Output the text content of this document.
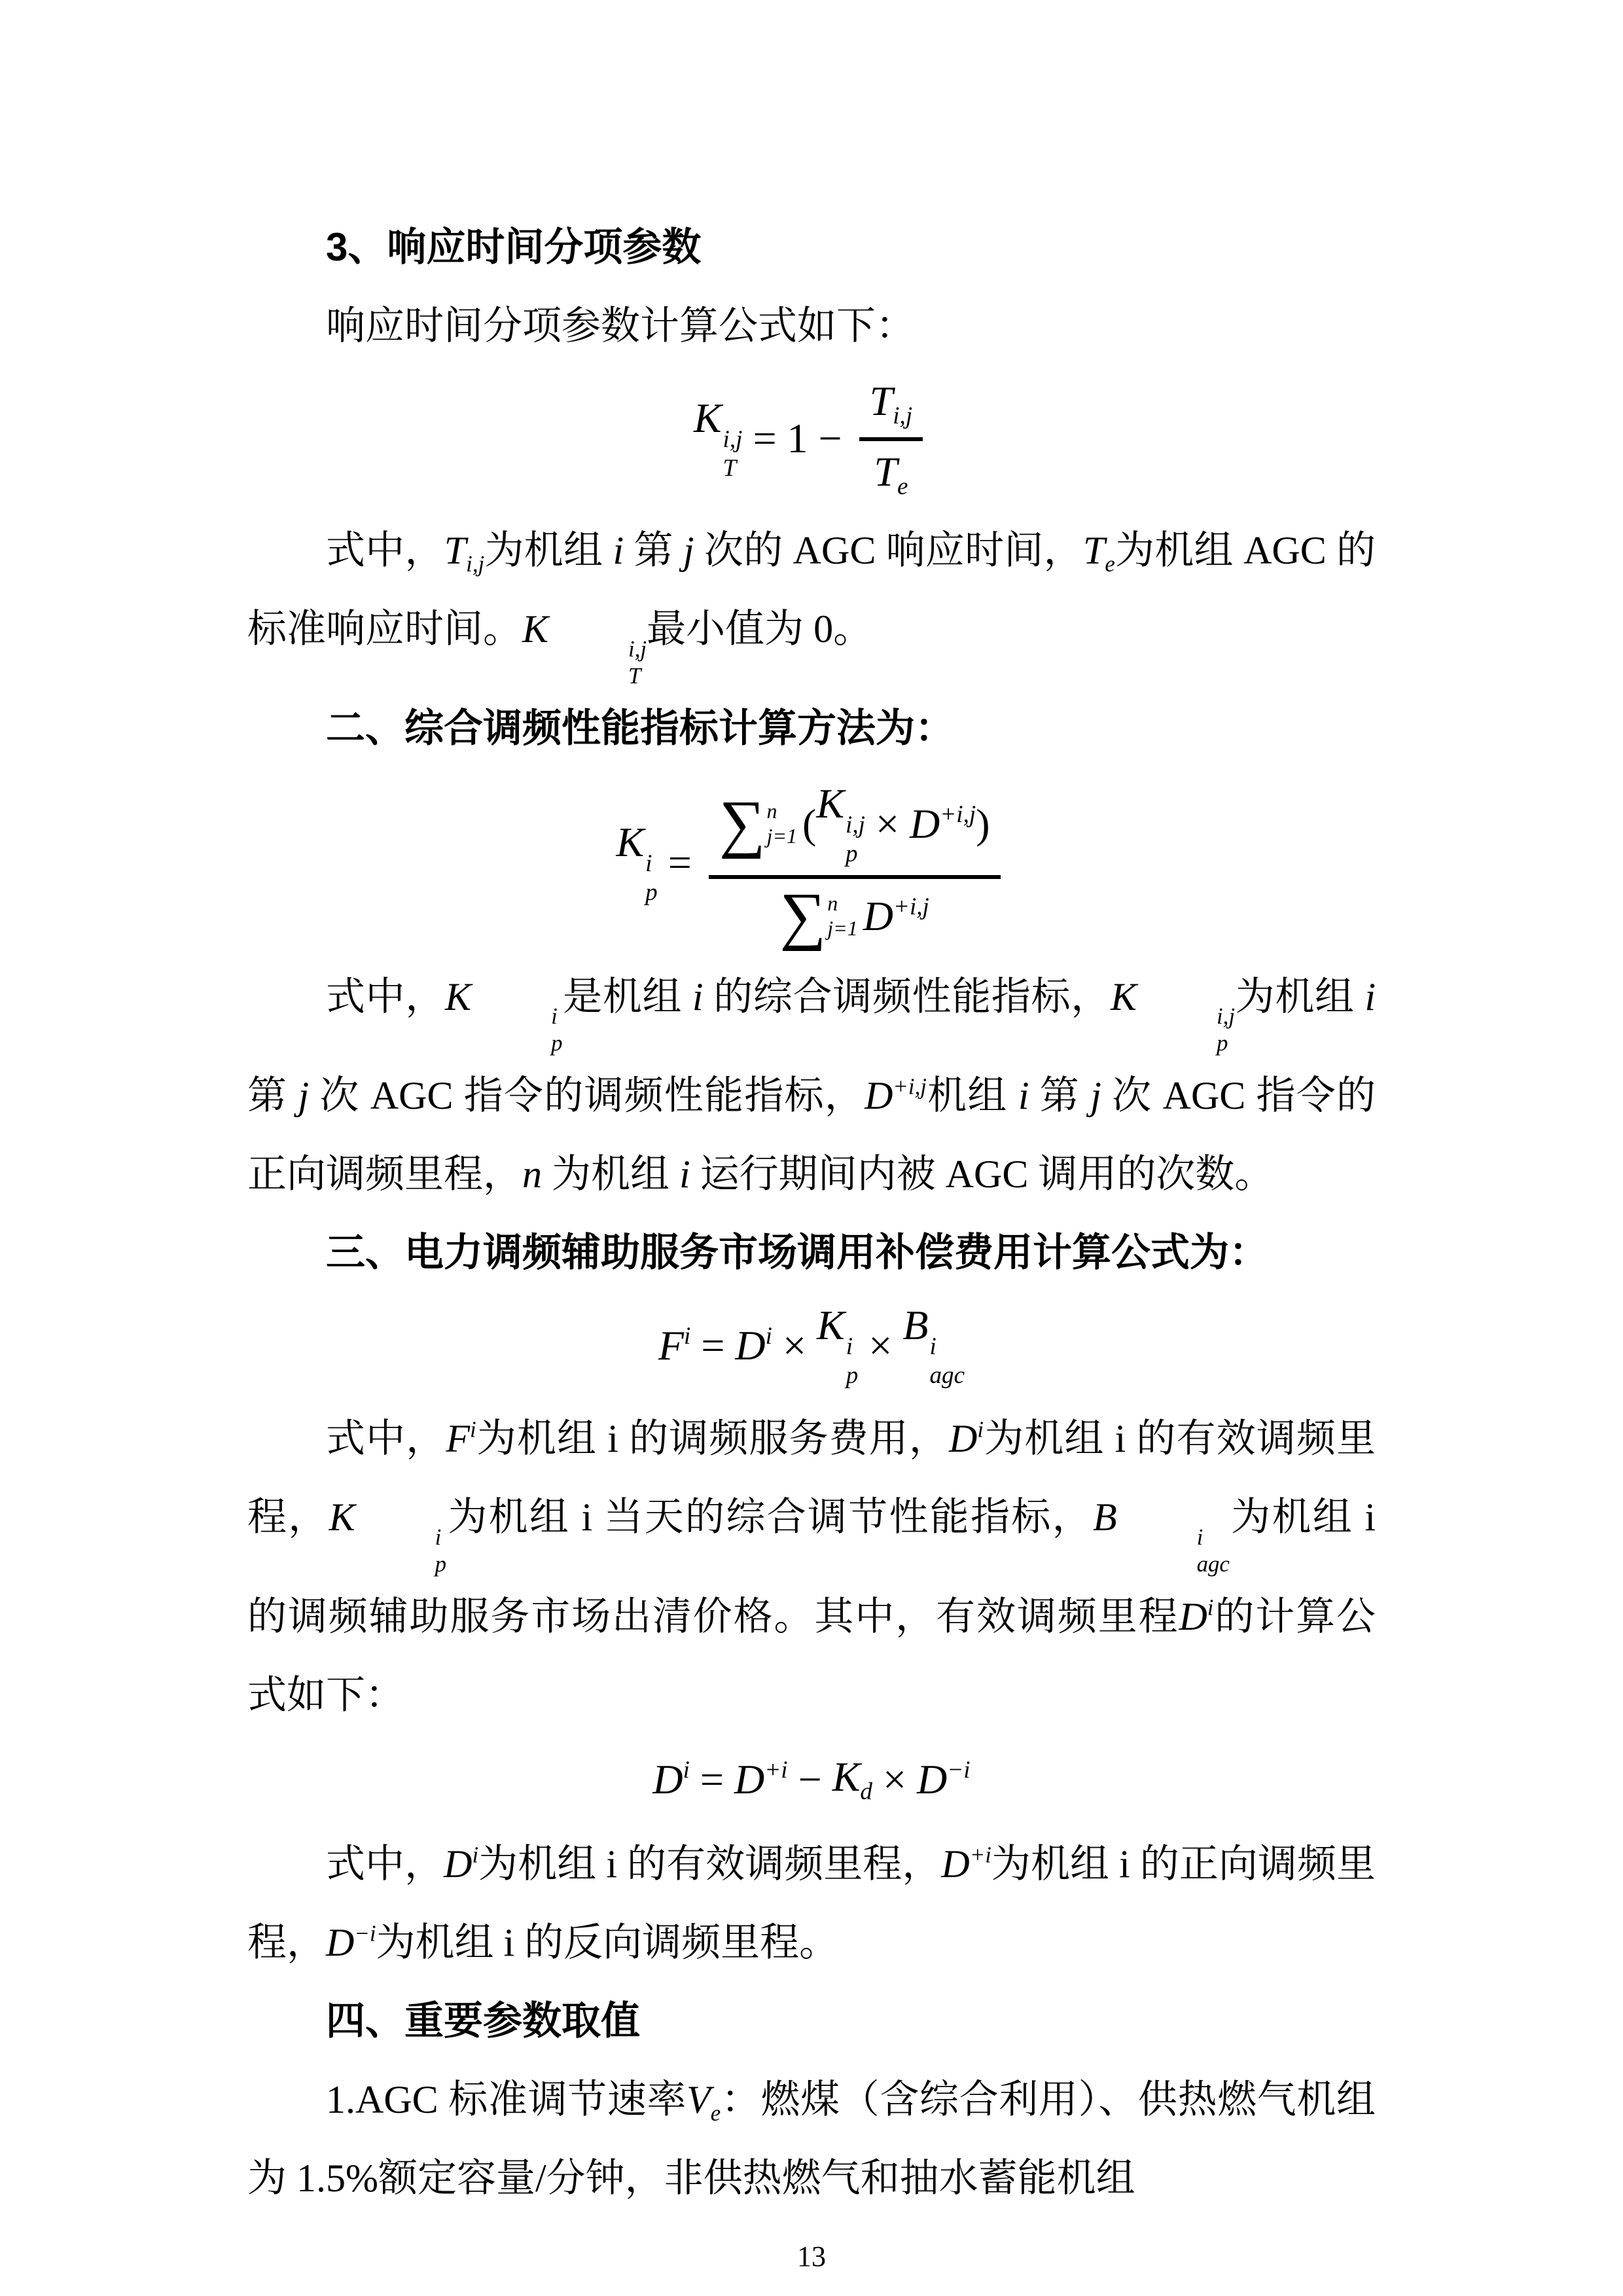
3、响应时间分项参数

响应时间分项参数计算公式如下：

K i,j
T
= $1 - \frac{T_{i,j}}{T_e}$

式中，$T_{i,j}$为机组 i 第 j 次的 AGC 响应时间，$T_e$为机组 AGC 的标准响应时间。K	i,j
T
最小值为 0。

二、综合调频性能指标计算方法为：
K i
p
= ∑ n
j=1 ( K i,j
p
× $D^{+i,j}$ )
∑ n
j=1 $D^{+i,j}$

式中，K	i
p
是机组 i 的综合调频性能指标，K	i,j
p
为机组 i 第 j 次 AGC 指令的调频性能指标，$D^{+i,j}$机组 i 第 j 次 AGC 指令的正向调频里程，n 为机组 i 运行期间内被 AGC 调用的次数。

三、电力调频辅助服务市场调用补偿费用计算公式为：
$F^i = D^i \times K$ i
p
× B i
agc

式中，$F^i$为机组 i 的调频服务费用，$D^i$为机组 i 的有效调频里程，K	i
p
为机组 i 当天的综合调节性能指标，B	i
agc
为机组 i 的调频辅助服务市场出清价格。其中，有效调频里程$D^i$的计算公式如下：

$D^i = D^{+i} - K_d \times D^{-i}$

式中，$D^i$为机组 i 的有效调频里程，$D^{+i}$为机组 i 的正向调频里程，$D^{-i}$为机组 i 的反向调频里程。

四、重要参数取值

1.AGC 标准调节速率$V_e$：燃煤（含综合利用）、供热燃气机组为 1.5%额定容量/分钟，非供热燃气和抽水蓄能机组

13
